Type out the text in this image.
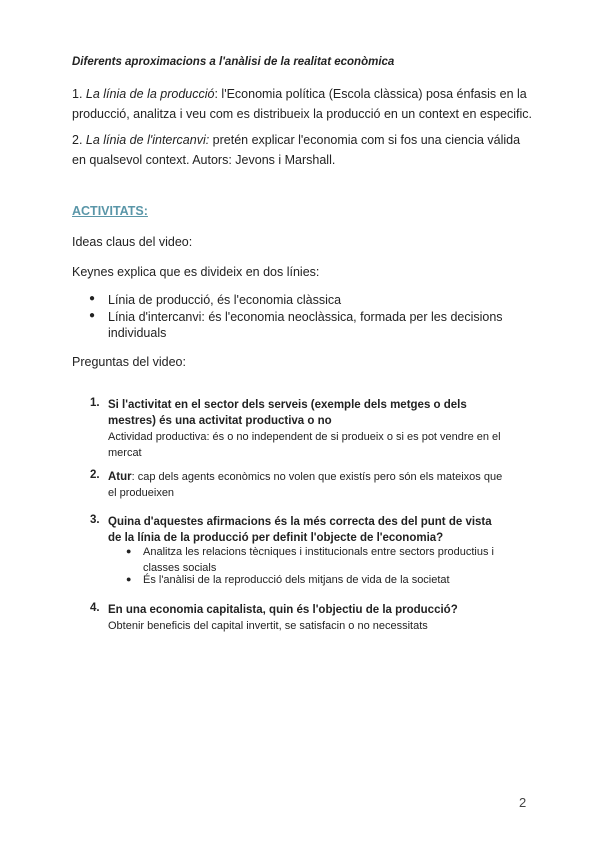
Diferents aproximacions a l'anàlisi de la realitat econòmica
1. La línia de la producció: l'Economia política (Escola clàssica) posa énfasis en la producció, analitza i veu com es distribueix la producció en un context en especific.
2. La línia de l'intercanvi: pretén explicar l'economia com si fos una ciencia válida en qualsevol context. Autors: Jevons i Marshall.
ACTIVITATS:
Ideas claus del video:
Keynes explica que es divideix en dos línies:
● Línia de producció, és l'economia clàssica
● Línia d'intercanvi: és l'economia neoclàssica, formada per les decisions individuals
Preguntas del video:
1. Si l'activitat en el sector dels serveis (exemple dels metges o dels mestres) és una activitat productiva o no
Actividad productiva: és o no independent de si produeix o si es pot vendre en el mercat
2. Atur: cap dels agents econòmics no volen que existís pero són els mateixos que el produeixen
3. Quina d'aquestes afirmacions és la més correcta des del punt de vista de la línia de la producció per definit l'objecte de l'economia?
● Analitza les relacions tècniques i institucionals entre sectors productius i classes socials
● És l'anàlisi de la reproducció dels mitjans de vida de la societat
4. En una economia capitalista, quin és l'objectiu de la producció?
Obtenir beneficis del capital invertit, se satisfacin o no necessitats
2
